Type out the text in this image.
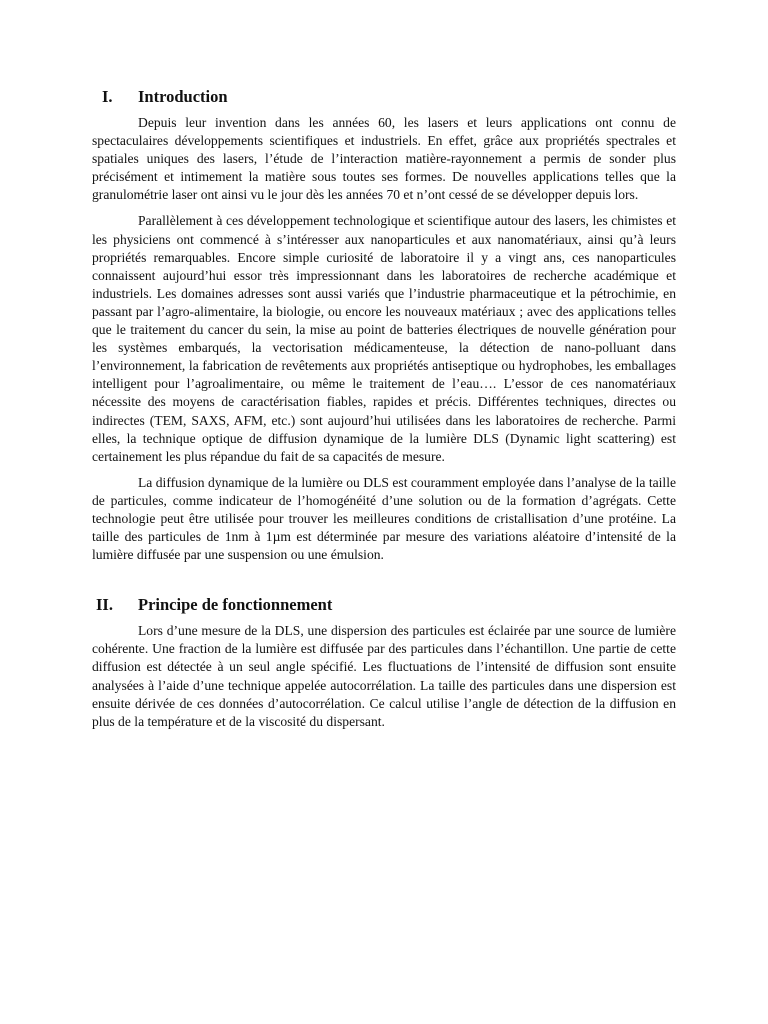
I.	Introduction

Depuis leur invention dans les années 60, les lasers et leurs applications ont connu de spectaculaires développements scientifiques et industriels. En effet, grâce aux propriétés spectrales et spatiales uniques des lasers, l’étude de l’interaction matière-rayonnement a permis de sonder plus précisément et intimement la matière sous toutes ses formes. De nouvelles applications telles que la granulométrie laser ont ainsi vu le jour dès les années 70 et n’ont cessé de se développer depuis lors.

Parallèlement à ces développement technologique et scientifique autour des lasers, les chimistes et les physiciens ont commencé à s’intéresser aux nanoparticules et aux nanomatériaux, ainsi qu’à leurs propriétés remarquables. Encore simple curiosité de laboratoire il y a vingt ans, ces nanoparticules connaissent aujourd’hui essor très impressionnant dans les laboratoires de recherche académique et industriels. Les domaines adresses sont aussi variés que l’industrie pharmaceutique et la pétrochimie, en passant par l’agro-alimentaire, la biologie, ou encore les nouveaux matériaux ; avec des applications telles que le traitement du cancer du sein, la mise au point de batteries électriques de nouvelle génération pour les systèmes embarqués, la vectorisation médicamenteuse, la détection de nano-polluant dans l’environnement, la fabrication de revêtements aux propriétés antiseptique ou hydrophobes, les emballages intelligent pour l’agroalimentaire, ou même le traitement de l’eau…. L’essor de ces nanomatériaux nécessite des moyens de caractérisation fiables, rapides et précis. Différentes techniques, directes ou indirectes (TEM, SAXS, AFM, etc.) sont aujourd’hui utilisées dans les laboratoires de recherche. Parmi elles, la technique optique de diffusion dynamique de la lumière DLS (Dynamic light scattering) est certainement les plus répandue du fait de sa capacités de mesure.

La diffusion dynamique de la lumière ou DLS est couramment employée dans l’analyse de la taille de particules, comme indicateur de l’homogénéité d’une solution ou de la formation d’agrégats. Cette technologie peut être utilisée pour trouver les meilleures conditions de cristallisation d’une protéine. La taille des particules de 1nm à 1µm est déterminée par mesure des variations aléatoire d’intensité de la lumière diffusée par une suspension ou une émulsion.

II.	Principe de fonctionnement

Lors d’une mesure de la DLS, une dispersion des particules est éclairée par une source de lumière cohérente. Une fraction de la lumière est diffusée par des particules dans l’échantillon. Une partie de cette diffusion est détectée à un seul angle spécifié. Les fluctuations de l’intensité de diffusion sont ensuite analysées à l’aide d’une technique appelée autocorrélation. La taille des particules dans une dispersion est ensuite dérivée de ces données d’autocorrélation. Ce calcul utilise l’angle de détection de la diffusion en plus de la température et de la viscosité du dispersant.
